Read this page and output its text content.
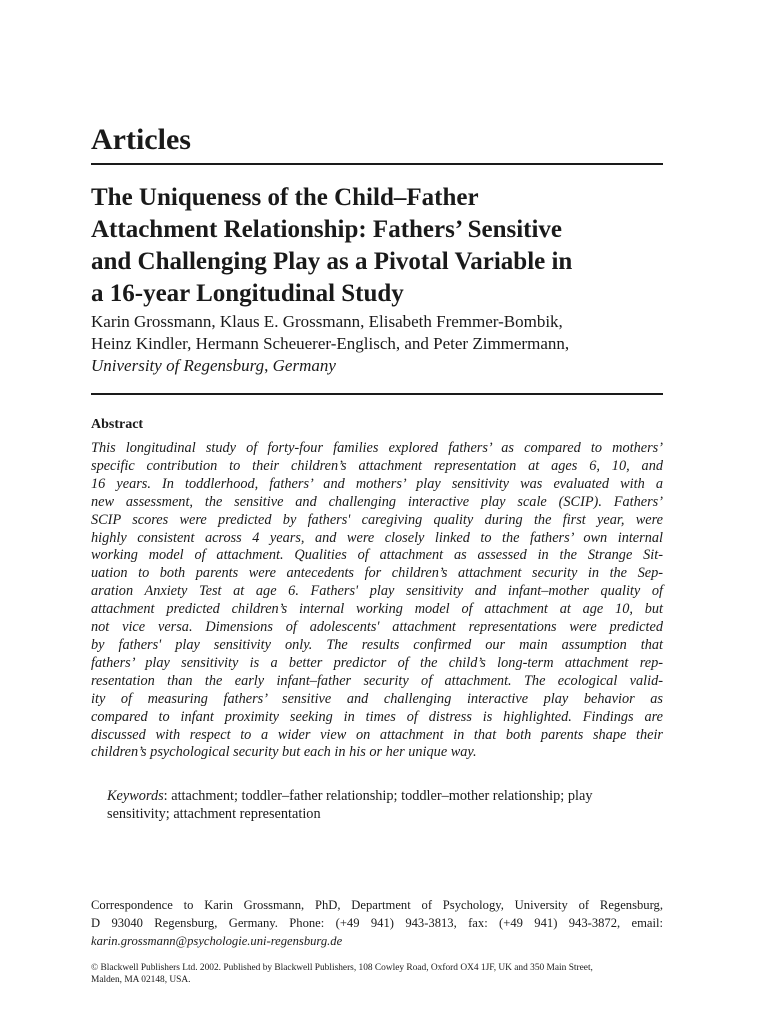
Articles
The Uniqueness of the Child–Father
Attachment Relationship: Fathers’ Sensitive
and Challenging Play as a Pivotal Variable in
a 16-year Longitudinal Study
Karin Grossmann, Klaus E. Grossmann, Elisabeth Fremmer-Bombik,
Heinz Kindler, Hermann Scheuerer-Englisch, and Peter Zimmermann,
University of Regensburg, Germany
Abstract
This longitudinal study of forty-four families explored fathers’ as compared to mothers’
specific contribution to their children’s attachment representation at ages 6, 10, and
16 years. In toddlerhood, fathers’ and mothers’ play sensitivity was evaluated with a
new assessment, the sensitive and challenging interactive play scale (SCIP). Fathers’
SCIP scores were predicted by fathers' caregiving quality during the first year, were
highly consistent across 4 years, and were closely linked to the fathers’ own internal
working model of attachment. Qualities of attachment as assessed in the Strange Sit-
uation to both parents were antecedents for children’s attachment security in the Sep-
aration Anxiety Test at age 6. Fathers' play sensitivity and infant–mother quality of
attachment predicted children’s internal working model of attachment at age 10, but
not vice versa. Dimensions of adolescents' attachment representations were predicted
by fathers' play sensitivity only. The results confirmed our main assumption that
fathers’ play sensitivity is a better predictor of the child’s long-term attachment rep-
resentation than the early infant–father security of attachment. The ecological valid-
ity of measuring fathers’ sensitive and challenging interactive play behavior as
compared to infant proximity seeking in times of distress is highlighted. Findings are
discussed with respect to a wider view on attachment in that both parents shape their
children’s psychological security but each in his or her unique way.
Keywords: attachment; toddler–father relationship; toddler–mother relationship; play
sensitivity; attachment representation
Correspondence to Karin Grossmann, PhD, Department of Psychology, University of Regensburg,
D 93040 Regensburg, Germany. Phone: (+49 941) 943-3813, fax: (+49 941) 943-3872, email:
karin.grossmann@psychologie.uni-regensburg.de
© Blackwell Publishers Ltd. 2002. Published by Blackwell Publishers, 108 Cowley Road, Oxford OX4 1JF, UK and 350 Main Street,
Malden, MA 02148, USA.
